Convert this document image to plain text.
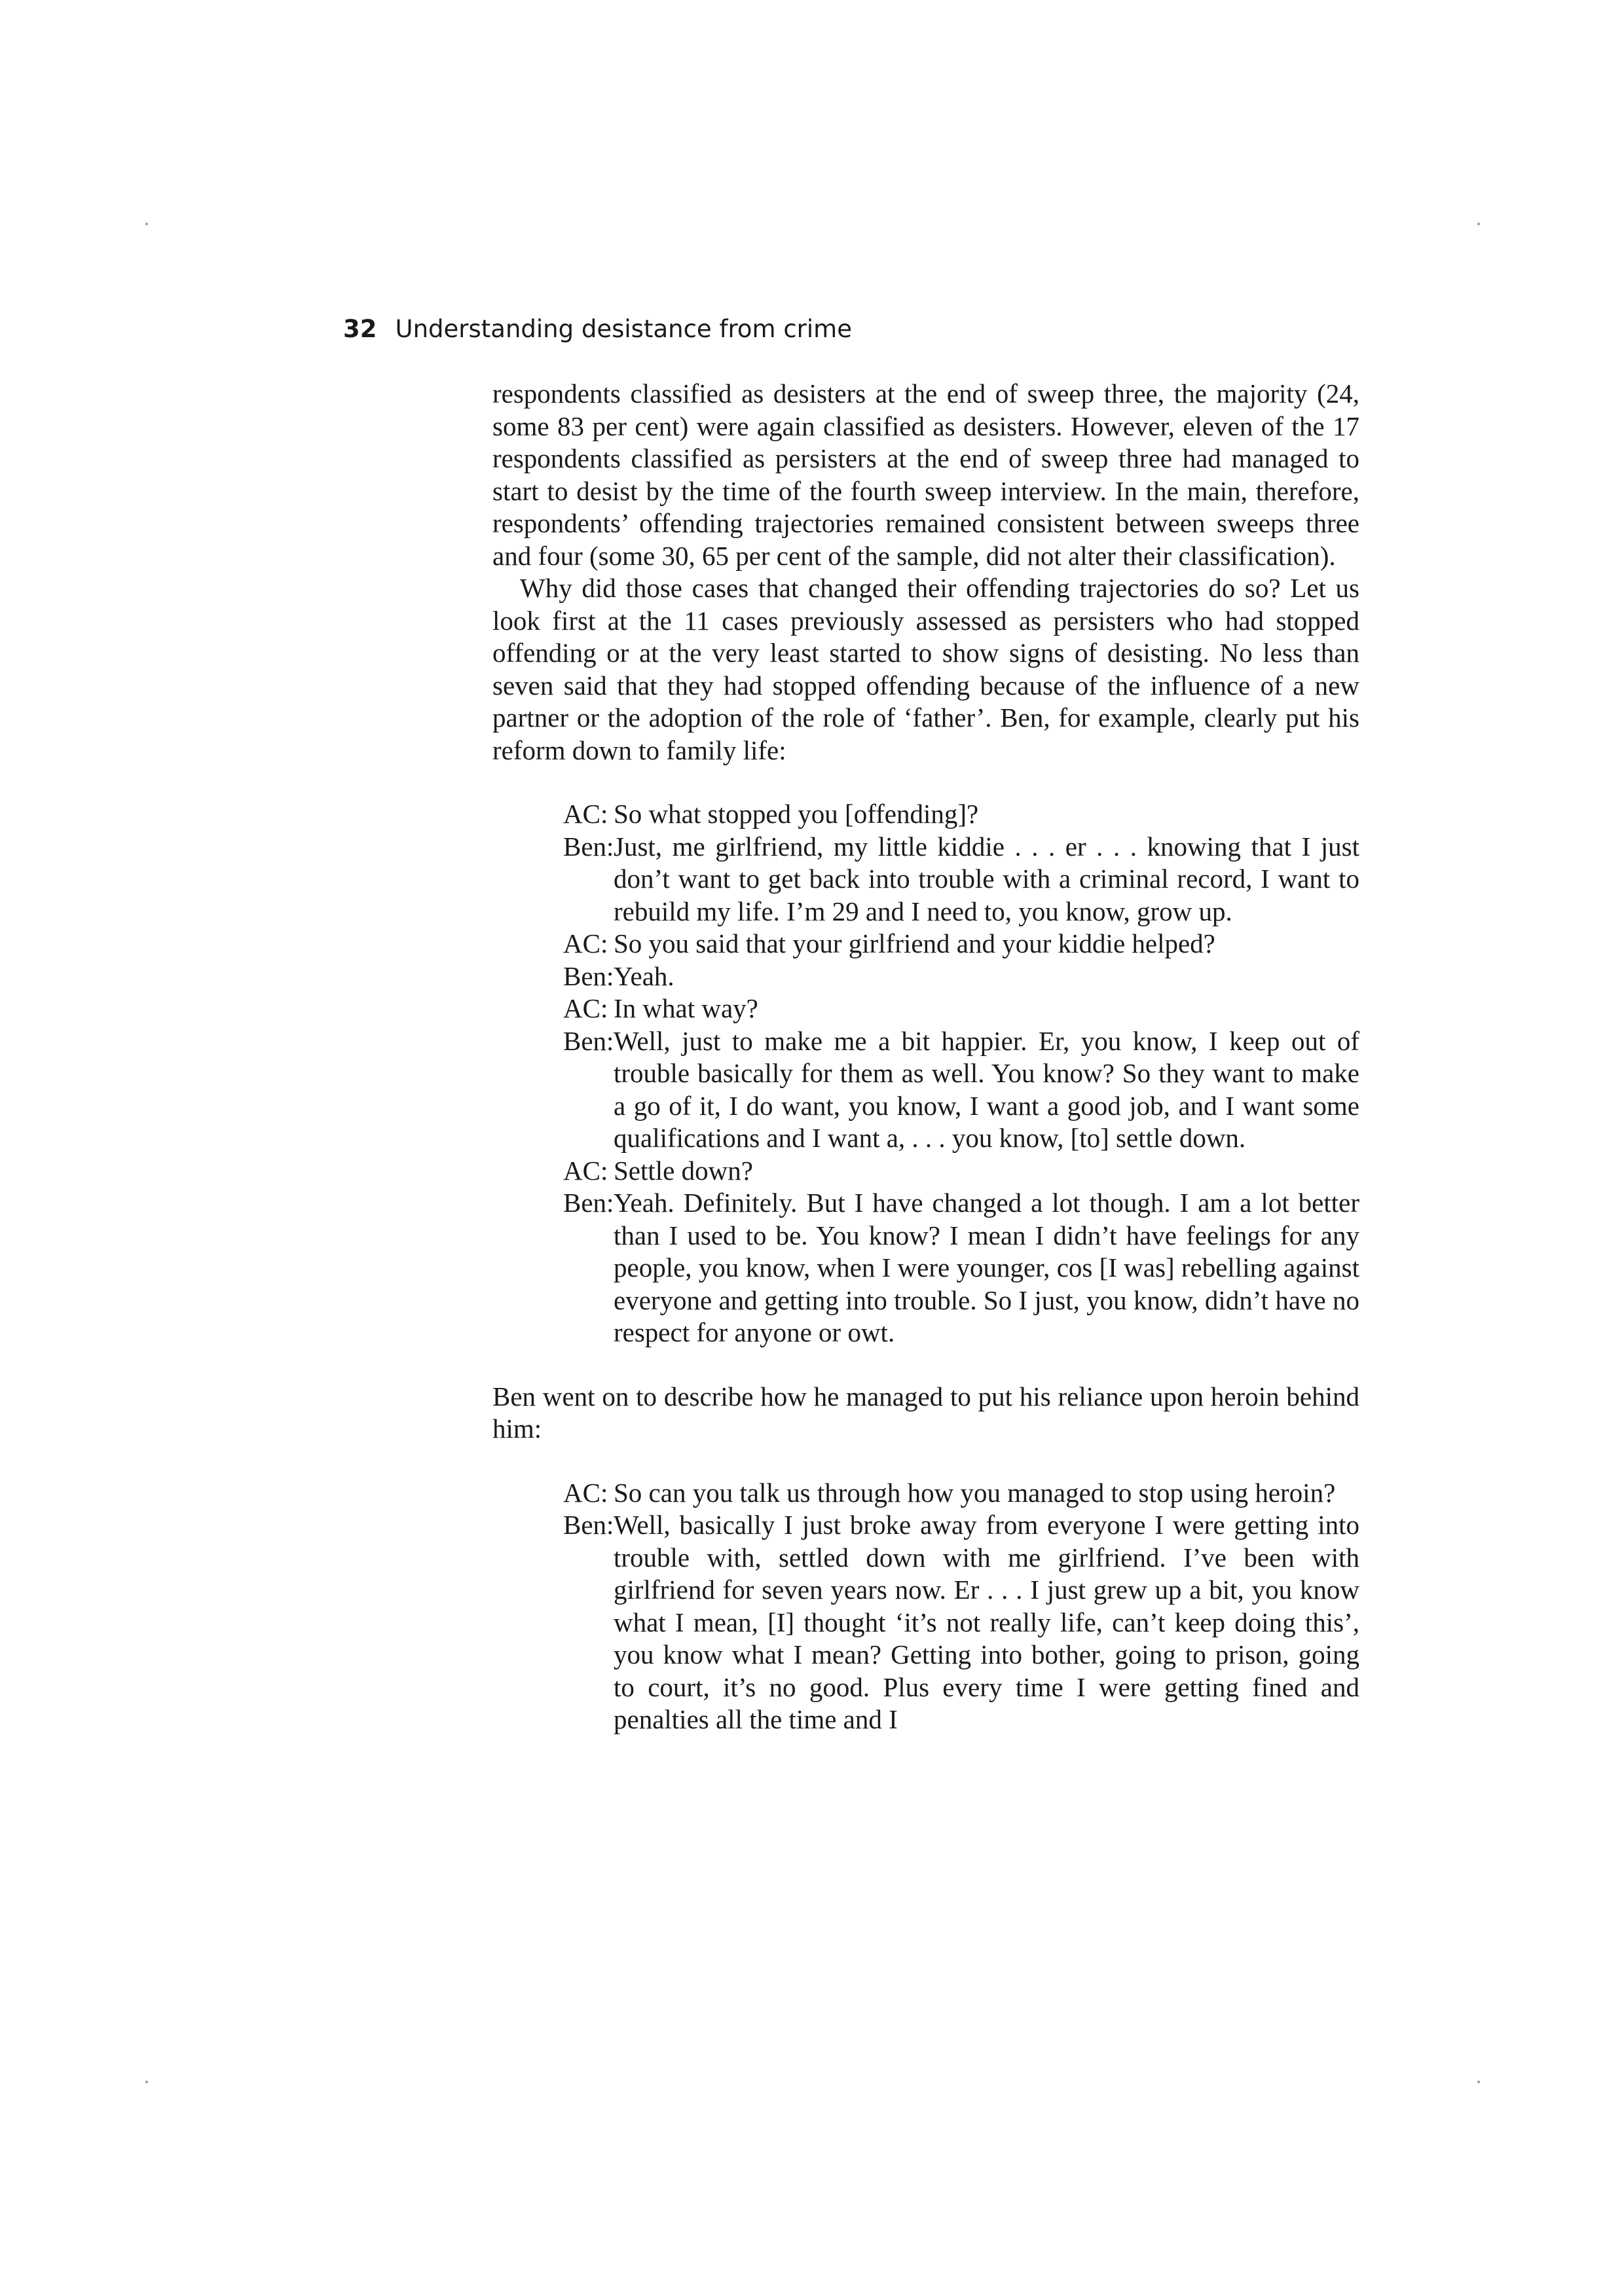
32 Understanding desistance from crime

respondents classified as desisters at the end of sweep three, the majority (24, some 83 per cent) were again classified as desisters. However, eleven of the 17 respondents classified as persisters at the end of sweep three had managed to start to desist by the time of the fourth sweep interview. In the main, therefore, respondents’ offending trajectories remained consistent between sweeps three and four (some 30, 65 per cent of the sample, did not alter their classification).

Why did those cases that changed their offending trajectories do so? Let us look first at the 11 cases previously assessed as persisters who had stopped offending or at the very least started to show signs of desisting. No less than seven said that they had stopped offending because of the influence of a new partner or the adoption of the role of ‘father’. Ben, for example, clearly put his reform down to family life:

AC: So what stopped you [offending]?
Ben: Just, me girlfriend, my little kiddie . . . er . . . knowing that I just don’t want to get back into trouble with a criminal record, I want to rebuild my life. I’m 29 and I need to, you know, grow up.
AC: So you said that your girlfriend and your kiddie helped?
Ben: Yeah.
AC: In what way?
Ben: Well, just to make me a bit happier. Er, you know, I keep out of trouble basically for them as well. You know? So they want to make a go of it, I do want, you know, I want a good job, and I want some qualifications and I want a, . . . you know, [to] settle down.
AC: Settle down?
Ben: Yeah. Definitely. But I have changed a lot though. I am a lot better than I used to be. You know? I mean I didn’t have feelings for any people, you know, when I were younger, cos [I was] rebelling against everyone and getting into trouble. So I just, you know, didn’t have no respect for anyone or owt.

Ben went on to describe how he managed to put his reliance upon heroin behind him:

AC: So can you talk us through how you managed to stop using heroin?
Ben: Well, basically I just broke away from everyone I were getting into trouble with, settled down with me girlfriend. I’ve been with girlfriend for seven years now. Er . . . I just grew up a bit, you know what I mean, [I] thought ‘it’s not really life, can’t keep doing this’, you know what I mean? Getting into bother, going to prison, going to court, it’s no good. Plus every time I were getting fined and penalties all the time and I
